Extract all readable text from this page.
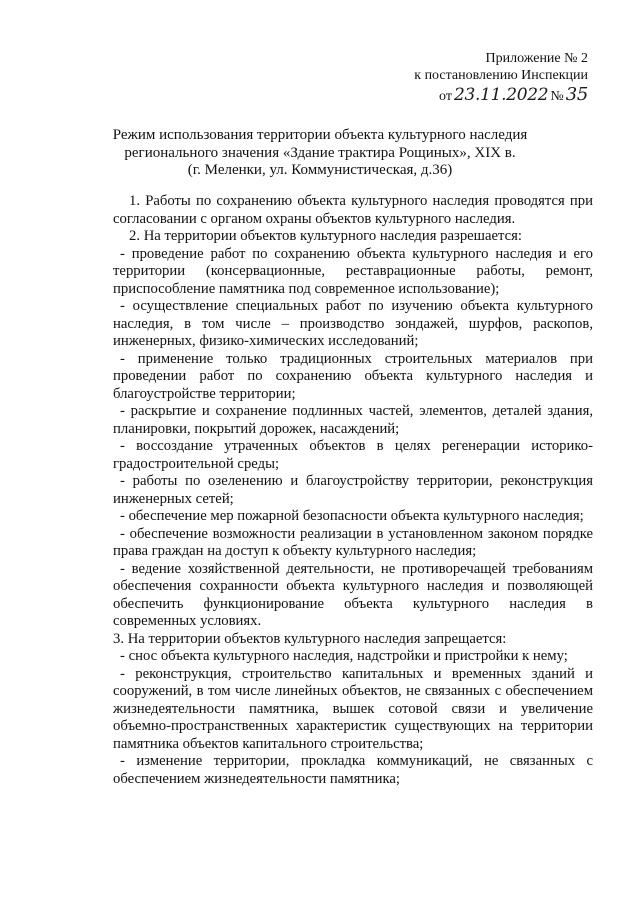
Приложение № 2
к постановлению Инспекции
от 23.11.2022 № 35
Режим использования территории объекта культурного наследия
регионального значения «Здание трактира Рощиных», XIX в.
(г. Меленки, ул. Коммунистическая, д.36)

1. Работы по сохранению объекта культурного наследия проводятся при согласовании с органом охраны объектов культурного наследия.

2. На территории объектов культурного наследия разрешается:

- проведение работ по сохранению объекта культурного наследия и его территории (консервационные, реставрационные работы, ремонт, приспособление памятника под современное использование);

- осуществление специальных работ по изучению объекта культурного наследия, в том числе – производство зондажей, шурфов, раскопов, инженерных, физико-химических исследований;

- применение только традиционных строительных материалов при проведении работ по сохранению объекта культурного наследия и благоустройстве территории;

- раскрытие и сохранение подлинных частей, элементов, деталей здания, планировки, покрытий дорожек, насаждений;

- воссоздание утраченных объектов в целях регенерации историко-градостроительной среды;

- работы по озеленению и благоустройству территории, реконструкция инженерных сетей;

- обеспечение мер пожарной безопасности объекта культурного наследия;

- обеспечение возможности реализации в установленном законом порядке права граждан на доступ к объекту культурного наследия;

- ведение хозяйственной деятельности, не противоречащей требованиям обеспечения сохранности объекта культурного наследия и позволяющей обеспечить функционирование объекта культурного наследия в современных условиях.

3. На территории объектов культурного наследия запрещается:

- снос объекта культурного наследия, надстройки и пристройки к нему;

- реконструкция, строительство капитальных и временных зданий и сооружений, в том числе линейных объектов, не связанных с обеспечением жизнедеятельности памятника, вышек сотовой связи и увеличение объемно-пространственных характеристик существующих на территории памятника объектов капитального строительства;

- изменение территории, прокладка коммуникаций, не связанных с обеспечением жизнедеятельности памятника;
